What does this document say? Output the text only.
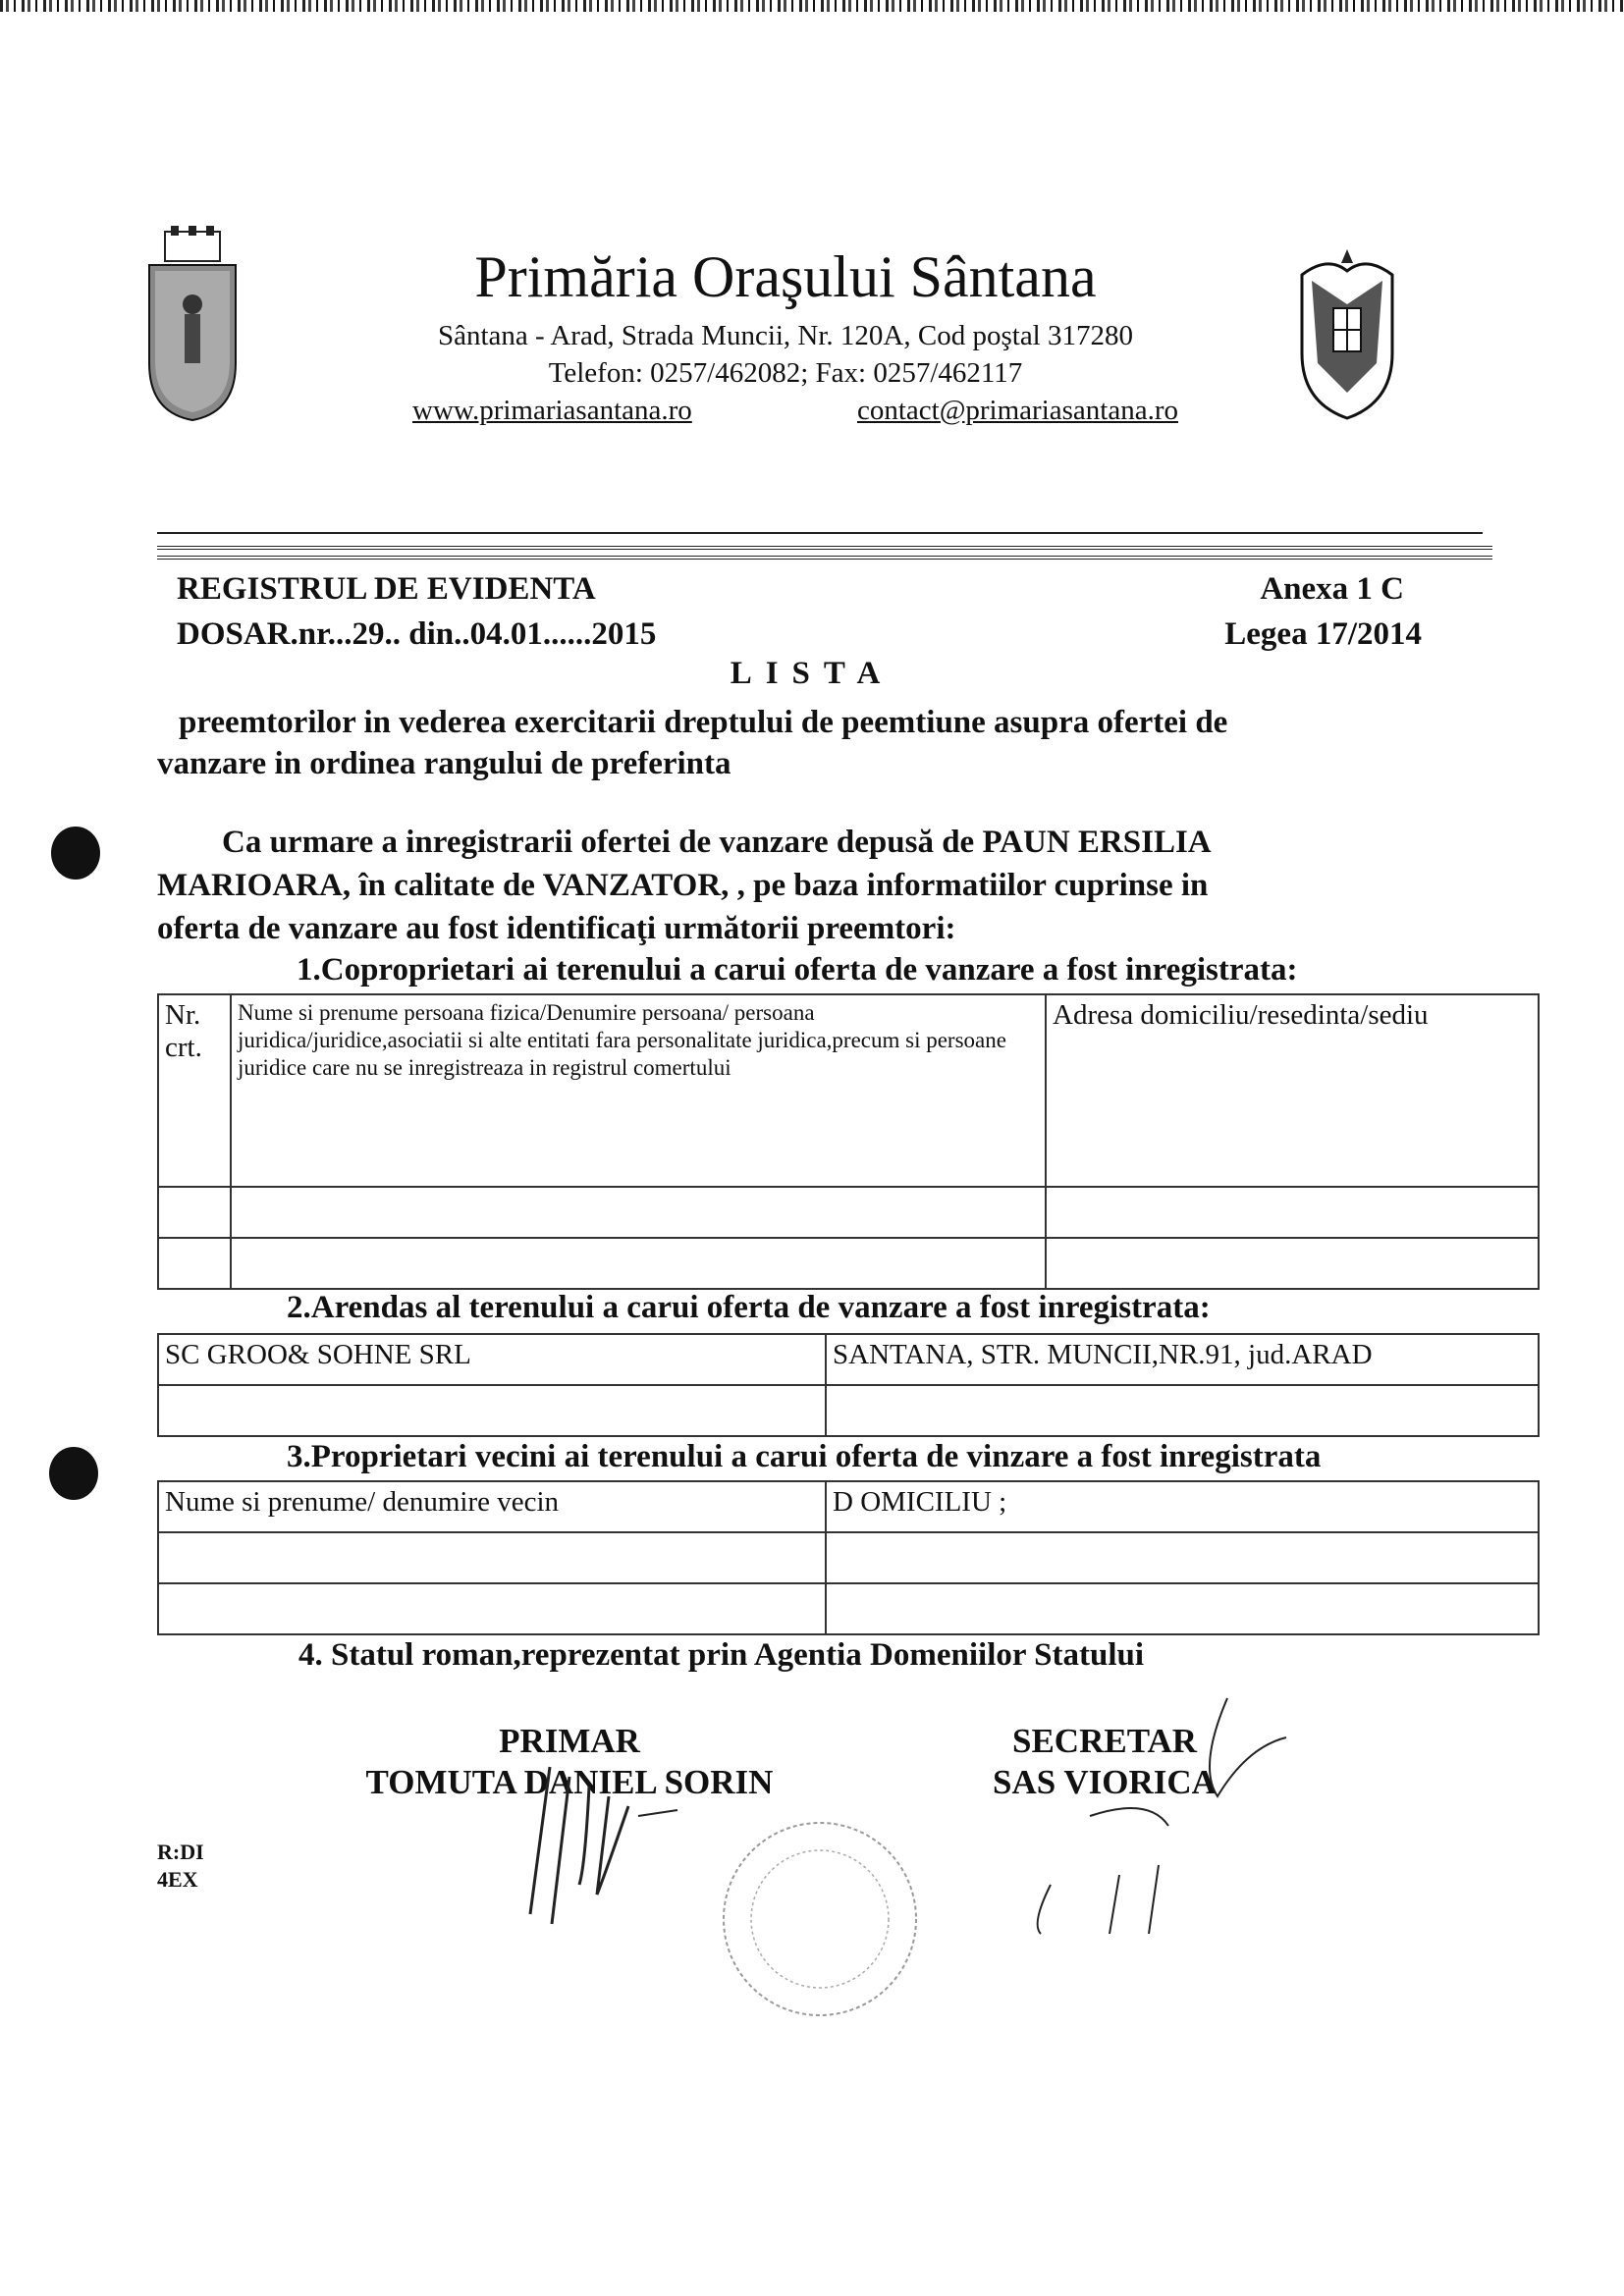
Primăria Oraşului Sântana
Sântana - Arad, Strada Muncii, Nr. 120A, Cod poştal 317280
Telefon: 0257/462082; Fax: 0257/462117
www.primariasantana.ro	contact@primariasantana.ro
REGISTRUL DE EVIDENTA
DOSAR.nr...29.. din..04.01......2015
Anexa 1 C
Legea 17/2014
LISTA
preemtorilor in vederea exercitarii dreptului de peemtiune asupra ofertei de
vanzare in ordinea rangului de preferinta
Ca urmare a inregistrarii ofertei de vanzare depusă de PAUN ERSILIA
MARIOARA, în calitate de VANZATOR, , pe baza informatiilor cuprinse in
oferta de vanzare au fost identificaţi următorii preemtori:
1.Coproprietari ai terenului a carui oferta de vanzare a fost inregistrata:
Nr. crt.	Nume si prenume persoana fizica/Denumire persoana/ persoana juridica/juridice,asociatii si alte entitati fara personalitate juridica,precum si persoane juridice care nu se inregistreaza in registrul comertului	Adresa domiciliu/resedinta/sediu

2.Arendas al terenului a carui oferta de vanzare a fost inregistrata:
SC GROO& SOHNE SRL	SANTANA, STR. MUNCII,NR.91, jud.ARAD

3.Proprietari vecini ai terenului a carui oferta de vinzare a fost inregistrata
Nume si prenume/ denumire vecin	D OMICILIU ;

4. Statul roman,reprezentat prin Agentia Domeniilor Statului
PRIMAR
TOMUTA DANIEL SORIN
SECRETAR
SAS VIORICA
R:DI
4EX
